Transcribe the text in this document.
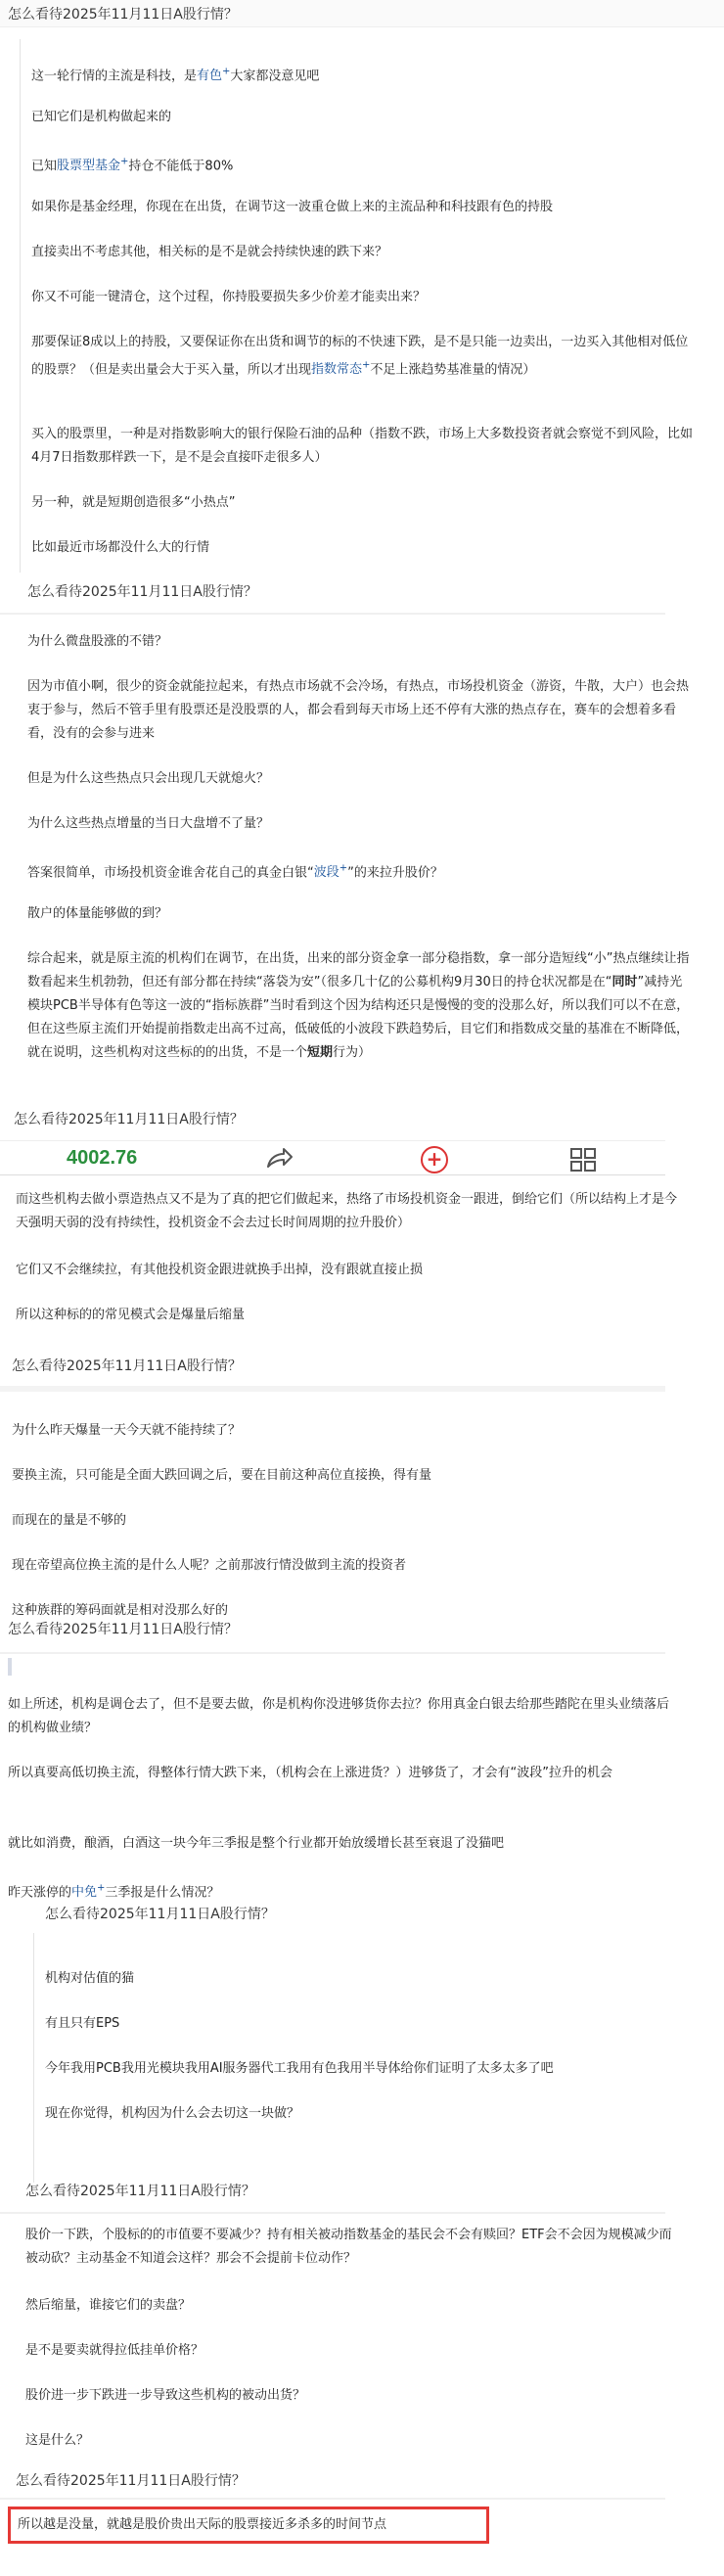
怎么看待2025年11月11日A股行情？
这一轮行情的主流是科技，是有色+大家都没意见吧
已知它们是机构做起来的
已知股票型基金+持仓不能低于80%
如果你是基金经理，你现在在出货，在调节这一波重仓做上来的主流品种和科技跟有色的持股
直接卖出不考虑其他，相关标的是不是就会持续快速的跌下来？
你又不可能一键清仓，这个过程，你持股要损失多少价差才能卖出来？
那要保证8成以上的持股，又要保证你在出货和调节的标的不快速下跌，是不是只能一边卖出，一边买入其他相对低位的股票？（但是卖出量会大于买入量，所以才出现指数常态+不足上涨趋势基准量的情况）
买入的股票里，一种是对指数影响大的银行保险石油的品种（指数不跌，市场上大多数投资者就会察觉不到风险，比如4月7日指数那样跌一下，是不是会直接吓走很多人）
另一种，就是短期创造很多“小热点”
比如最近市场都没什么大的行情
怎么看待2025年11月11日A股行情？
为什么微盘股涨的不错？
因为市值小啊，很少的资金就能拉起来，有热点市场就不会冷场，有热点，市场投机资金（游资，牛散，大户）也会热衷于参与，然后不管手里有股票还是没股票的人，都会看到每天市场上还不停有大涨的热点存在，赛车的会想着多看看，没有的会参与进来
但是为什么这些热点只会出现几天就熄火？
为什么这些热点增量的当日大盘增不了量？
答案很简单，市场投机资金谁舍花自己的真金白银“波段+”的来拉升股价？
散户的体量能够做的到？
综合起来，就是原主流的机构们在调节，在出货，出来的部分资金拿一部分稳指数，拿一部分造短线“小”热点继续让指数看起来生机勃勃，但还有部分都在持续“落袋为安”（很多几十亿的公募机构9月30日的持仓状况都是在“同时”减持光模块PCB半导体有色等这一波的“指标族群”当时看到这个因为结构还只是慢慢的变的没那么好，所以我们可以不在意，但在这些原主流们开始提前指数走出高不过高，低破低的小波段下跌趋势后，目它们和指数成交量的基准在不断降低，就在说明，这些机构对这些标的的出货，不是一个短期行为）
怎么看待2025年11月11日A股行情？
4002.76	+
而这些机构去做小票造热点又不是为了真的把它们做起来，热络了市场投机资金一跟进，倒给它们（所以结构上才是今天强明天弱的没有持续性，投机资金不会去过长时间周期的拉升股价）
它们又不会继续拉，有其他投机资金跟进就换手出掉，没有跟就直接止损
所以这种标的的常见模式会是爆量后缩量
怎么看待2025年11月11日A股行情？
为什么昨天爆量一天今天就不能持续了？
要换主流，只可能是全面大跌回调之后，要在目前这种高位直接换，得有量
而现在的量是不够的
现在帝望高位换主流的是什么人呢？之前那波行情没做到主流的投资者
这种族群的筹码面就是相对没那么好的
怎么看待2025年11月11日A股行情？
如上所述，机构是调仓去了，但不是要去做，你是机构你没进够货你去拉？你用真金白银去给那些踏陀在里头业绩落后的机构做业绩？
所以真要高低切换主流，得整体行情大跌下来，（机构会在上涨进货？）进够货了，才会有“波段”拉升的机会
就比如消费，酿酒，白酒这一块今年三季报是整个行业都开始放缓增长甚至衰退了没猫吧
昨天涨停的中免+三季报是什么情况？
怎么看待2025年11月11日A股行情？
机构对估值的猫
有且只有EPS
今年我用PCB我用光模块我用AI服务器代工我用有色我用半导体给你们证明了太多太多了吧
现在你觉得，机构因为什么会去切这一块做？
怎么看待2025年11月11日A股行情？
股价一下跌，个股标的的市值要不要减少？持有相关被动指数基金的基民会不会有赎回？ETF会不会因为规模减少而被动砍？主动基金不知道会这样？那会不会提前卡位动作？
然后缩量，谁接它们的卖盘？
是不是要卖就得拉低挂单价格？
股价进一步下跌进一步导致这些机构的被动出货？
这是什么？
怎么看待2025年11月11日A股行情？
所以越是没量，就越是股价贵出天际的股票接近多杀多的时间节点
